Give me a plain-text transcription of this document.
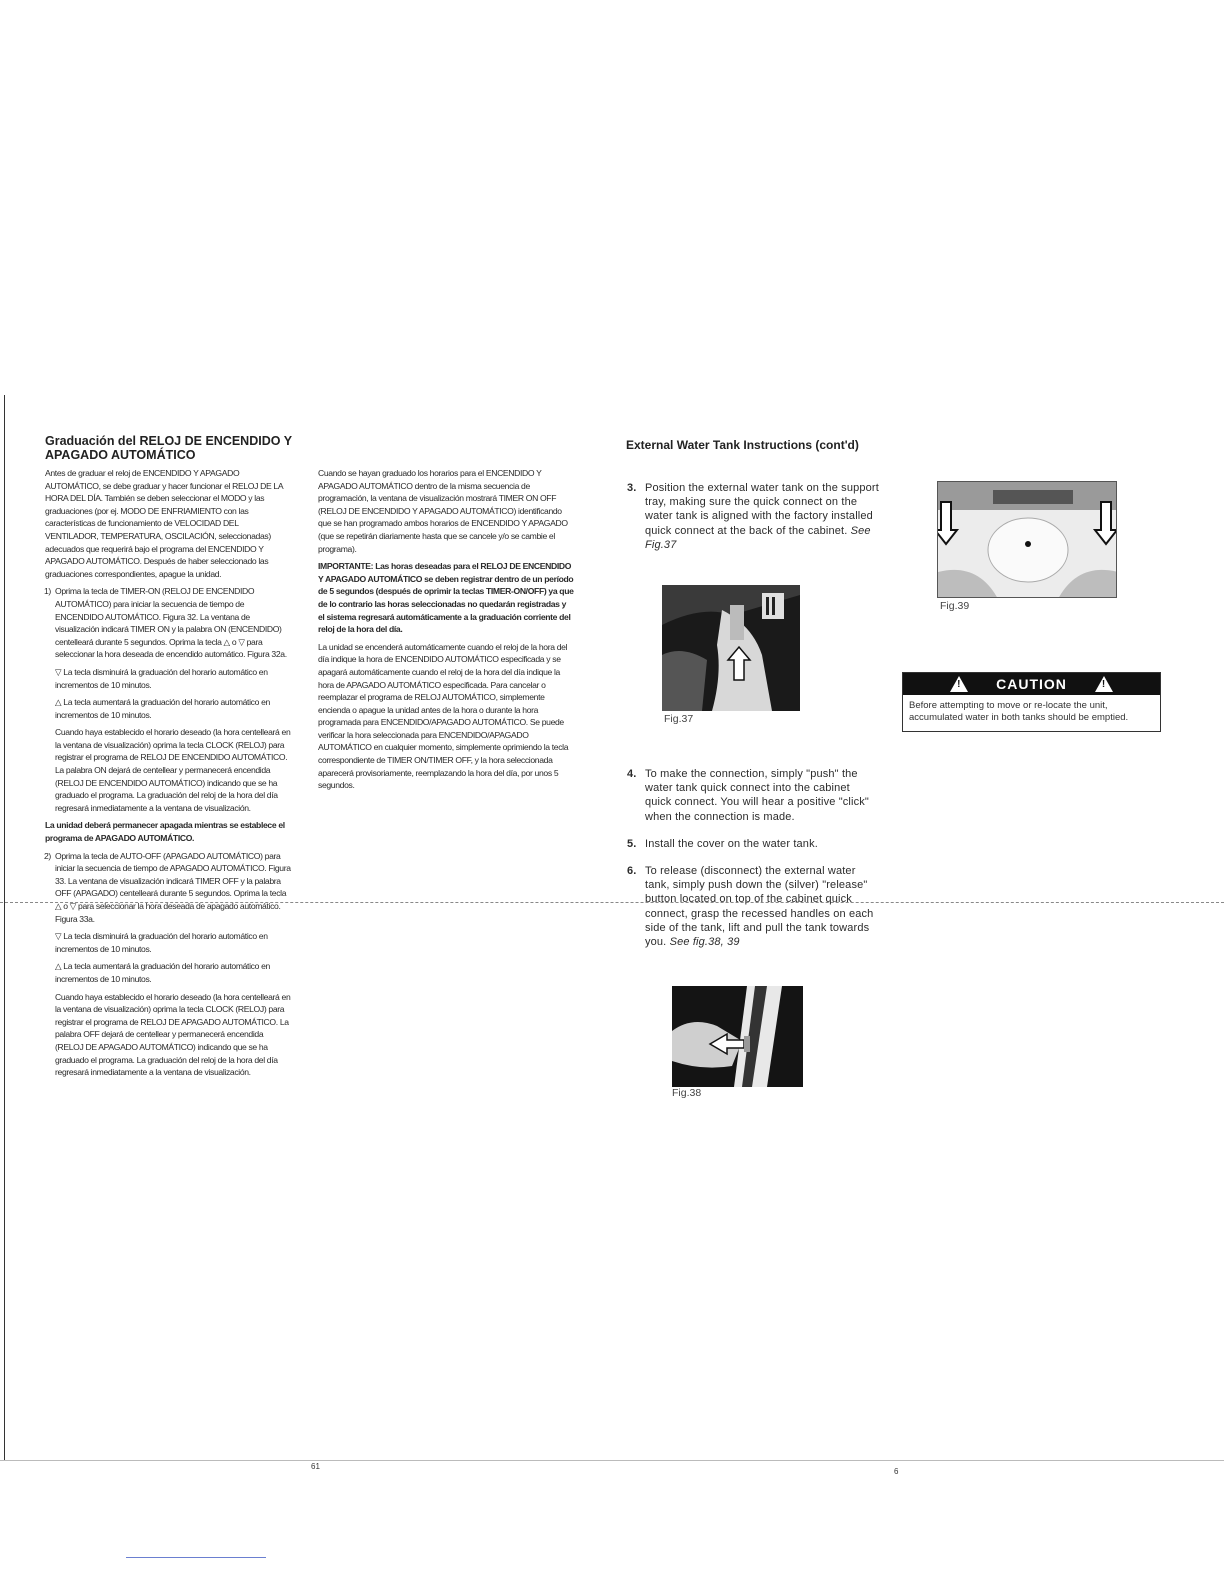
Graduación del RELOJ DE ENCENDIDO Y
APAGADO AUTOMÁTICO

Antes de graduar el reloj de ENCENDIDO Y APAGADO AUTOMÁTICO, se debe graduar y hacer funcionar el RELOJ DE LA HORA DEL DÍA. También se deben seleccionar el MODO y las graduaciones (por ej. MODO DE ENFRIAMIENTO con las características de funcionamiento de VELOCIDAD DEL VENTILADOR, TEMPERATURA, OSCILACIÓN, seleccionadas) adecuados que requerirá bajo el programa del ENCENDIDO Y APAGADO AUTOMÁTICO. Después de haber seleccionado las graduaciones correspondientes, apague la unidad.

1) Oprima la tecla de TIMER-ON (RELOJ DE ENCENDIDO AUTOMÁTICO) para iniciar la secuencia de tiempo de ENCENDIDO AUTOMÁTICO. Figura 32. La ventana de visualización indicará TIMER ON y la palabra ON (ENCENDIDO) centelleará durante 5 segundos. Oprima la tecla △ o ▽ para seleccionar la hora deseada de encendido automático. Figura 32a.

▽ La tecla disminuirá la graduación del horario automático en incrementos de 10 minutos.

△ La tecla aumentará la graduación del horario automático en incrementos de 10 minutos.

Cuando haya establecido el horario deseado (la hora centelleará en la ventana de visualización) oprima la tecla CLOCK (RELOJ) para registrar el programa de RELOJ DE ENCENDIDO AUTOMÁTICO. La palabra ON dejará de centellear y permanecerá encendida (RELOJ DE ENCENDIDO AUTOMÁTICO) indicando que se ha graduado el programa. La graduación del reloj de la hora del día regresará inmediatamente a la ventana de visualización.

La unidad deberá permanecer apagada mientras se establece el programa de APAGADO AUTOMÁTICO.

2) Oprima la tecla de AUTO-OFF (APAGADO AUTOMÁTICO) para iniciar la secuencia de tiempo de APAGADO AUTOMÁTICO. Figura 33. La ventana de visualización indicará TIMER OFF y la palabra OFF (APAGADO) centelleará durante 5 segundos. Oprima la tecla △ o ▽ para seleccionar la hora deseada de apagado automático. Figura 33a.

▽ La tecla disminuirá la graduación del horario automático en incrementos de 10 minutos.

△ La tecla aumentará la graduación del horario automático en incrementos de 10 minutos.

Cuando haya establecido el horario deseado (la hora centelleará en la ventana de visualización) oprima la tecla CLOCK (RELOJ) para registrar el programa de RELOJ DE APAGADO AUTOMÁTICO. La palabra OFF dejará de centellear y permanecerá encendida (RELOJ DE APAGADO AUTOMÁTICO) indicando que se ha graduado el programa. La graduación del reloj de la hora del día regresará inmediatamente a la ventana de visualización.

Cuando se hayan graduado los horarios para el ENCENDIDO Y APAGADO AUTOMÁTICO dentro de la misma secuencia de programación, la ventana de visualización mostrará TIMER ON OFF (RELOJ DE ENCENDIDO Y APAGADO AUTOMÁTICO) identificando que se han programado ambos horarios de ENCENDIDO Y APAGADO (que se repetirán diariamente hasta que se cancele y/o se cambie el programa).

IMPORTANTE: Las horas deseadas para el RELOJ DE ENCENDIDO Y APAGADO AUTOMÁTICO se deben registrar dentro de un período de 5 segundos (después de oprimir la teclas TIMER-ON/OFF) ya que de lo contrario las horas seleccionadas no quedarán registradas y el sistema regresará automáticamente a la graduación corriente del reloj de la hora del día.

La unidad se encenderá automáticamente cuando el reloj de la hora del día indique la hora de ENCENDIDO AUTOMÁTICO especificada y se apagará automáticamente cuando el reloj de la hora del día indique la hora de APAGADO AUTOMÁTICO especificada. Para cancelar o reemplazar el programa de RELOJ AUTOMÁTICO, simplemente encienda o apague la unidad antes de la hora o durante la hora programada para ENCENDIDO/APAGADO AUTOMÁTICO. Se puede verificar la hora seleccionada para ENCENDIDO/APAGADO AUTOMÁTICO en cualquier momento, simplemente oprimiendo la tecla correspondiente de TIMER ON/TIMER OFF, y la hora seleccionada aparecerá provisoriamente, reemplazando la hora del día, por unos 5 segundos.

61
External Water Tank Instructions (cont'd)
3. Position the external water tank on the support tray, making sure the quick connect on the water tank is aligned with the factory installed quick connect at the back of the cabinet. See Fig.37
Fig.37
4. To make the connection, simply "push" the water tank quick connect into the cabinet quick connect. You will hear a positive "click" when the connection is made.
5. Install the cover on the water tank.
6. To release (disconnect) the external water tank, simply push down the (silver) "release" button located on top of the cabinet quick connect, grasp the recessed handles on each side of the tank, lift and pull the tank towards you. See fig.38, 39
Fig.38
Fig.39
! CAUTION	!
Before attempting to move or re-locate the unit, accumulated water in both tanks should be emptied.
6
